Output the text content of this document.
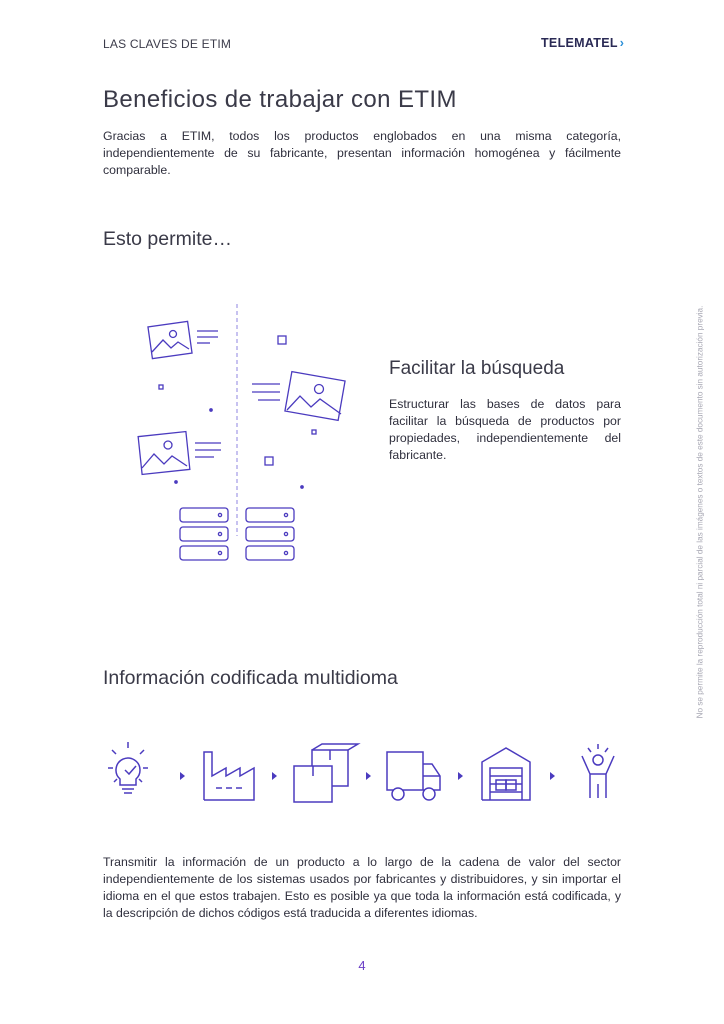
LAS CLAVES DE ETIM	TELEMATEL ›
Beneficios de trabajar con ETIM

Gracias a ETIM, todos los productos englobados en una misma categoría, independientemente de su fabricante, presentan información homogénea y fácilmente comparable.

Esto permite…
Facilitar la búsqueda

Estructurar las bases de datos para facilitar la búsqueda de productos por propiedades, independientemente del fabricante.

Información codificada multidioma

Transmitir la información de un producto a lo largo de la cadena de valor del sector independientemente de los sistemas usados por fabricantes y distribuidores, y sin importar el idioma en el que estos trabajen. Esto es posible ya que toda la información está codificada, y la descripción de dichos códigos está traducida a diferentes idiomas.

No se permite la reproducción total ni parcial de las imágenes o textos de este documento sin autorización previa.
4
